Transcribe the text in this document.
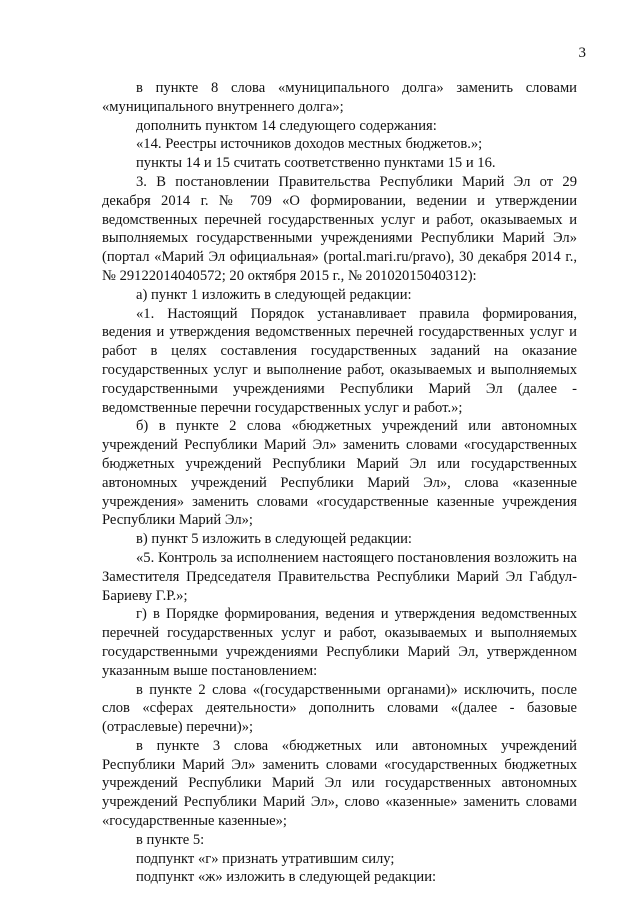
3

в пункте 8 слова «муниципального долга» заменить словами «муниципального внутреннего долга»;

дополнить пунктом 14 следующего содержания:

«14. Реестры источников доходов местных бюджетов.»;

пункты 14 и 15 считать соответственно пунктами 15 и 16.

3. В постановлении Правительства Республики Марий Эл от 29 декабря 2014 г. № 709 «О формировании, ведении и утверждении ведомственных перечней государственных услуг и работ, оказываемых и выполняемых государственными учреждениями Республики Марий Эл» (портал «Марий Эл официальная» (portal.mari.ru/pravo), 30 декабря 2014 г., № 29122014040572; 20 октября 2015 г., № 20102015040312):

а) пункт 1 изложить в следующей редакции:

«1. Настоящий Порядок устанавливает правила формирования, ведения и утверждения ведомственных перечней государственных услуг и работ в целях составления государственных заданий на оказание государственных услуг и выполнение работ, оказываемых и выполняемых государственными учреждениями Республики Марий Эл (далее - ведомственные перечни государственных услуг и работ.»;

б) в пункте 2 слова «бюджетных учреждений или автономных учреждений Республики Марий Эл» заменить словами «государственных бюджетных учреждений Республики Марий Эл или государственных автономных учреждений Республики Марий Эл», слова «казенные учреждения» заменить словами «государственные казенные учреждения Республики Марий Эл»;

в) пункт 5 изложить в следующей редакции:

«5. Контроль за исполнением настоящего постановления возложить на Заместителя Председателя Правительства Республики Марий Эл Габдул-Бариеву Г.Р.»;

г) в Порядке формирования, ведения и утверждения ведомственных перечней государственных услуг и работ, оказываемых и выполняемых государственными учреждениями Республики Марий Эл, утвержденном указанным выше постановлением:

в пункте 2 слова «(государственными органами)» исключить, после слов «сферах деятельности» дополнить словами «(далее - базовые (отраслевые) перечни)»;

в пункте 3 слова «бюджетных или автономных учреждений Республики Марий Эл» заменить словами «государственных бюджетных учреждений Республики Марий Эл или государственных автономных учреждений Республики Марий Эл», слово «казенные» заменить словами «государственные казенные»;

в пункте 5:

подпункт «г» признать утратившим силу;

подпункт «ж» изложить в следующей редакции:
